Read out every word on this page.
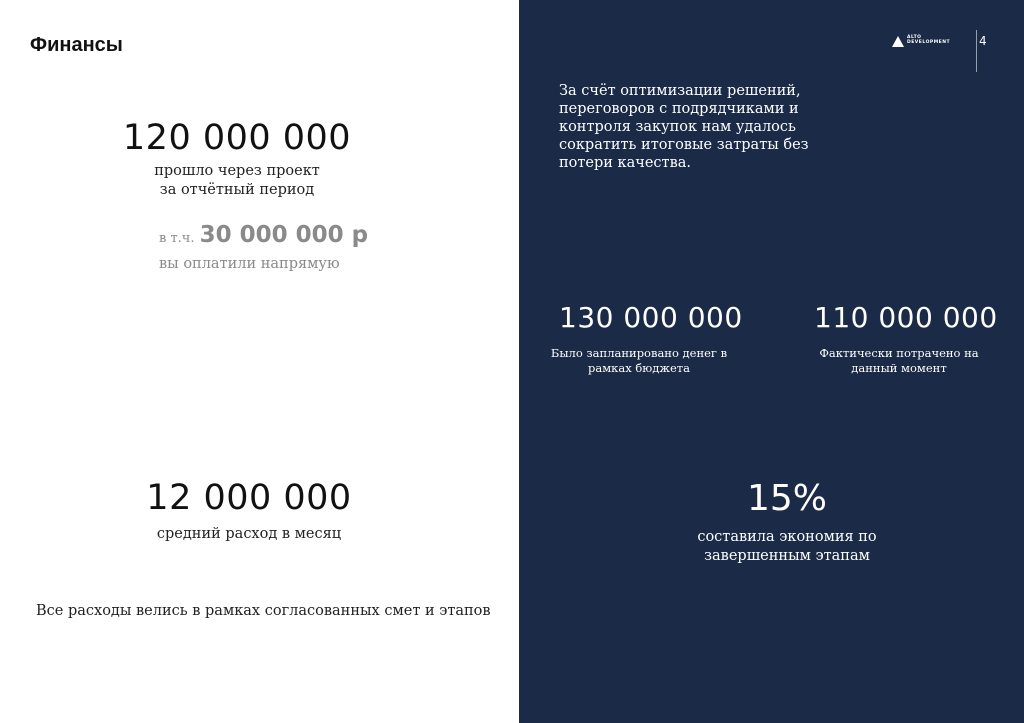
Финансы
120 000 000
прошло через проект
за отчётный период
в т.ч. 30 000 000 р
вы оплатили напрямую
12 000 000
средний расход в месяц
Все расходы велись в рамках согласованных смет и этапов
ALTO
DEVELOPMENT 4
За счёт оптимизации решений, переговоров с подрядчиками и контроля закупок нам удалось сократить итоговые затраты без потери качества.
130 000 000
Было запланировано денег в
рамках бюджета
110 000 000
Фактически потрачено на
данный момент
15%
составила экономия по
завершенным этапам
